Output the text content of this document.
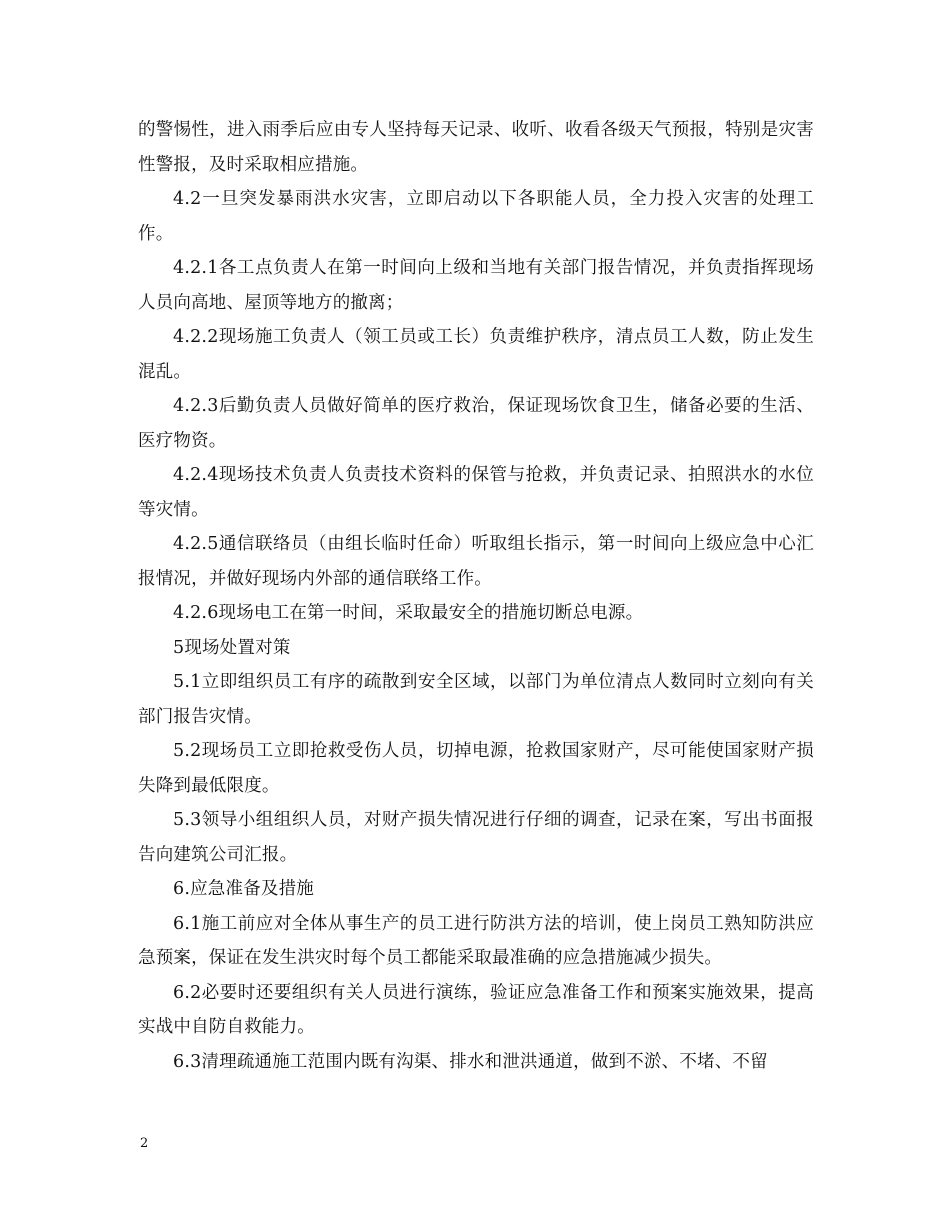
的警惕性，进入雨季后应由专人坚持每天记录、收听、收看各级天气预报，特别是灾害性警报，及时采取相应措施。

4.2一旦突发暴雨洪水灾害，立即启动以下各职能人员，全力投入灾害的处理工作。

4.2.1各工点负责人在第一时间向上级和当地有关部门报告情况，并负责指挥现场人员向高地、屋顶等地方的撤离；

4.2.2现场施工负责人（领工员或工长）负责维护秩序，清点员工人数，防止发生混乱。

4.2.3后勤负责人员做好简单的医疗救治，保证现场饮食卫生，储备必要的生活、医疗物资。

4.2.4现场技术负责人负责技术资料的保管与抢救，并负责记录、拍照洪水的水位等灾情。

4.2.5通信联络员（由组长临时任命）听取组长指示，第一时间向上级应急中心汇报情况，并做好现场内外部的通信联络工作。

4.2.6现场电工在第一时间，采取最安全的措施切断总电源。

5现场处置对策

5.1立即组织员工有序的疏散到安全区域，以部门为单位清点人数同时立刻向有关部门报告灾情。

5.2现场员工立即抢救受伤人员，切掉电源，抢救国家财产，尽可能使国家财产损失降到最低限度。

5.3领导小组组织人员，对财产损失情况进行仔细的调查，记录在案，写出书面报告向建筑公司汇报。

6.应急准备及措施

6.1施工前应对全体从事生产的员工进行防洪方法的培训，使上岗员工熟知防洪应急预案，保证在发生洪灾时每个员工都能采取最准确的应急措施减少损失。

6.2必要时还要组织有关人员进行演练，验证应急准备工作和预案实施效果，提高实战中自防自救能力。

6.3清理疏通施工范围内既有沟渠、排水和泄洪通道，做到不淤、不堵、不留

2
